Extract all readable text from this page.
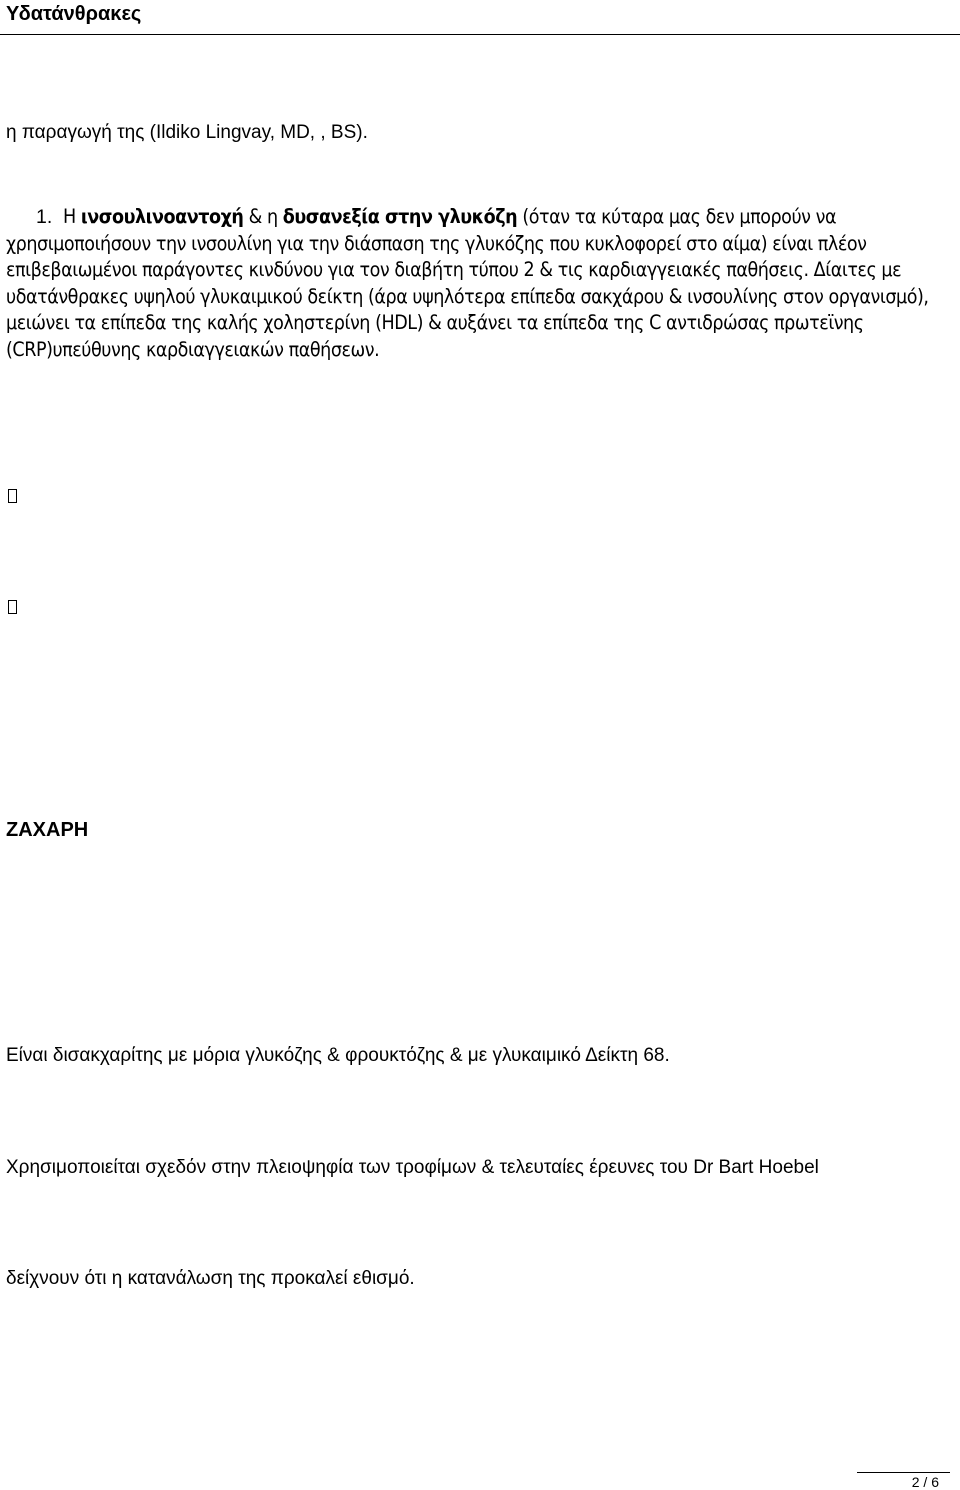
Υδατάνθρακες
η παραγωγή της (Ildiko Lingvay, MD, , BS).
1. Η ινσουλινοαντοχή & η δυσανεξία στην γλυκόζη (όταν τα κύταρα μας δεν μπορούν να χρησιμοποιήσουν την ινσουλίνη για την διάσπαση της γλυκόζης που κυκλοφορεί στο αίμα) είναι πλέον επιβεβαιωμένοι παράγοντες κινδύνου για τον διαβήτη τύπου 2 & τις καρδιαγγειακές παθήσεις. Δίαιτες με υδατάνθρακες υψηλού γλυκαιμικού δείκτη (άρα υψηλότερα επίπεδα σακχάρου & ινσουλίνης στον οργανισμό), μειώνει τα επίπεδα της καλής χοληστερίνη (HDL) & αυξάνει τα επίπεδα της C αντιδρώσας πρωτεϊνης (CRP)υπεύθυνης καρδιαγγειακών παθήσεων.
ΖΑΧΑΡΗ
Είναι δισακχαρίτης με μόρια γλυκόζης & φρουκτόζης & με γλυκαιμικό Δείκτη 68.
Χρησιμοποιείται σχεδόν στην πλειοψηφία των τροφίμων & τελευταίες έρευνες του Dr Bart Hoebel
δείχνουν ότι η κατανάλωση της προκαλεί εθισμό.
2 / 6
